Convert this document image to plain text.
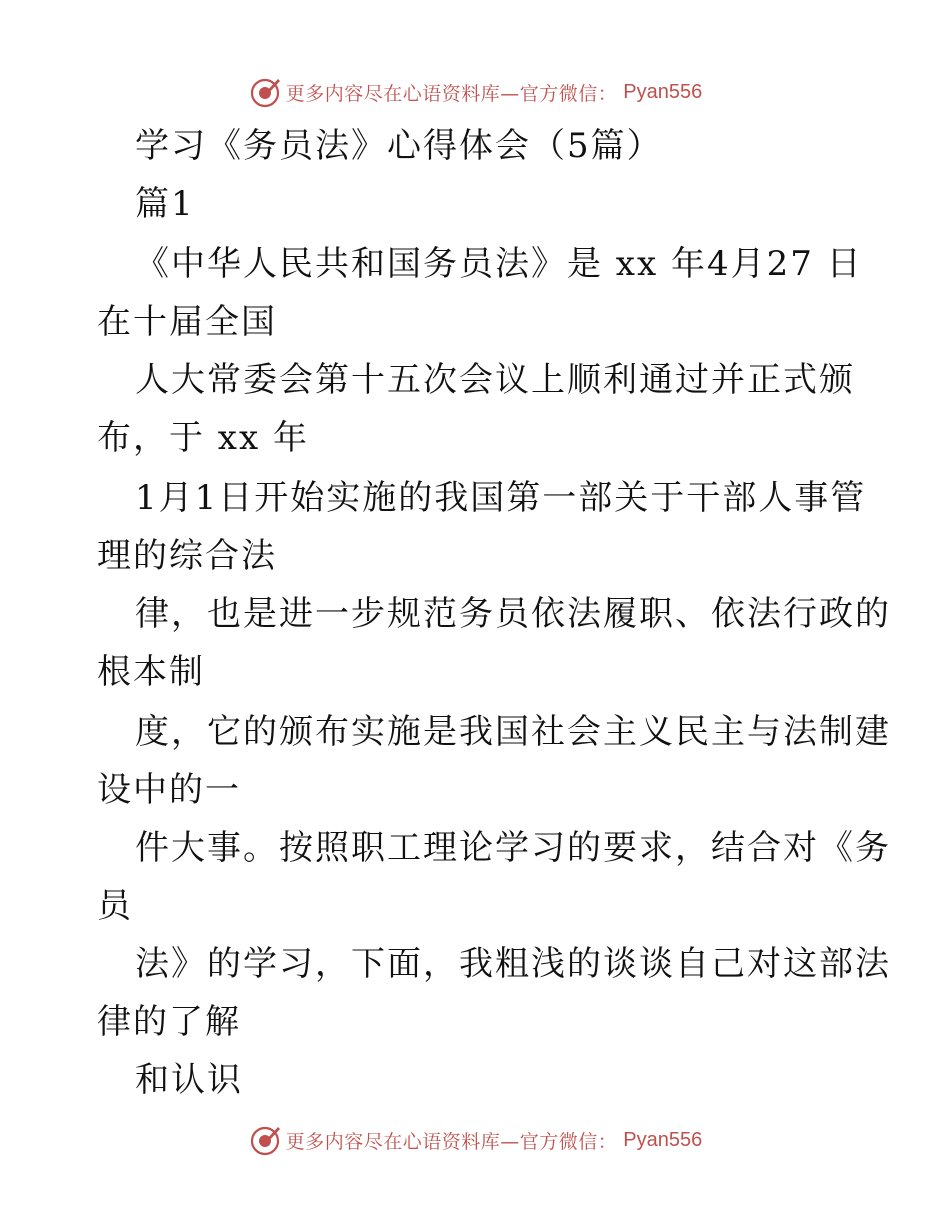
更多内容尽在心语资料库—官方微信： Pyan556
学习《务员法》心得体会（5篇）
篇1
《中华人民共和国务员法》是 xx 年4月27 日
在十届全国
人大常委会第十五次会议上顺利通过并正式颁
布，于 xx 年
1月1日开始实施的我国第一部关于干部人事管
理的综合法
律，也是进一步规范务员依法履职、依法行政的
根本制
度，它的颁布实施是我国社会主义民主与法制建
设中的一
件大事。按照职工理论学习的要求，结合对《务
员
法》的学习，下面，我粗浅的谈谈自己对这部法
律的了解
和认识
更多内容尽在心语资料库—官方微信： Pyan556
